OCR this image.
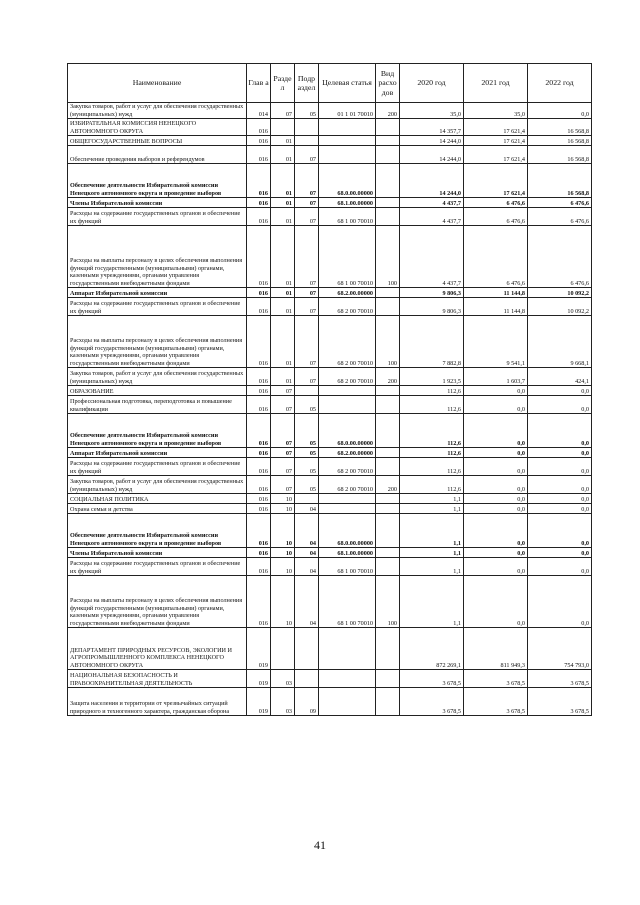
Наименование	Глав а	Разде л	Подр аздел	Целевая статья	Вид расхо дов	2020 год	2021 год	2022 год
Закупка товаров, работ и услуг для обеспечения государственных (муниципальных) нужд	014	07	05	01 1 01 70010	200	35,0	35,0	0,0
ИЗБИРАТЕЛЬНАЯ КОМИССИЯ НЕНЕЦКОГО АВТОНОМНОГО ОКРУГА	016					14 357,7	17 621,4	16 568,8
ОБЩЕГОСУДАРСТВЕННЫЕ ВОПРОСЫ	016	01				14 244,0	17 621,4	16 568,8
Обеспечение проведения выборов и референдумов	016	01	07			14 244,0	17 621,4	16 568,8
Обеспечение деятельности Избирательной комиссии Ненецкого автономного округа и проведение выборов	016	01	07	68.0.00.00000		14 244,0	17 621,4	16 568,8
Члены Избирательной комиссии	016	01	07	68.1.00.00000		4 437,7	6 476,6	6 476,6
Расходы на содержание государственных органов и обеспечение их функций	016	01	07	68 1 00 70010		4 437,7	6 476,6	6 476,6
Расходы на выплаты персоналу в целях обеспечения выполнения функций государственными (муниципальными) органами, казенными учреждениями, органами управления государственными внебюджетными фондами	016	01	07	68 1 00 70010	100	4 437,7	6 476,6	6 476,6
Аппарат Избирательной комиссии	016	01	07	68.2.00.00000		9 806,3	11 144,8	10 092,2
Расходы на содержание государственных органов и обеспечение их функций	016	01	07	68 2 00 70010		9 806,3	11 144,8	10 092,2
Расходы на выплаты персоналу в целях обеспечения выполнения функций государственными (муниципальными) органами, казенными учреждениями, органами управления государственными внебюджетными фондами	016	01	07	68 2 00 70010	100	7 882,8	9 541,1	9 668,1
Закупка товаров, работ и услуг для обеспечения государственных (муниципальных) нужд	016	01	07	68 2 00 70010	200	1 923,5	1 603,7	424,1
ОБРАЗОВАНИЕ	016	07				112,6	0,0	0,0
Профессиональная подготовка, переподготовка и повышение квалификации	016	07	05			112,6	0,0	0,0
Обеспечение деятельности Избирательной комиссии Ненецкого автономного округа и проведение выборов	016	07	05	68.0.00.00000		112,6	0,0	0,0
Аппарат Избирательной комиссии	016	07	05	68.2.00.00000		112,6	0,0	0,0
Расходы на содержание государственных органов и обеспечение их функций	016	07	05	68 2 00 70010		112,6	0,0	0,0
Закупка товаров, работ и услуг для обеспечения государственных (муниципальных) нужд	016	07	05	68 2 00 70010	200	112,6	0,0	0,0
СОЦИАЛЬНАЯ ПОЛИТИКА	016	10				1,1	0,0	0,0
Охрана семьи и детства	016	10	04			1,1	0,0	0,0
Обеспечение деятельности Избирательной комиссии Ненецкого автономного округа и проведение выборов	016	10	04	68.0.00.00000		1,1	0,0	0,0
Члены Избирательной комиссии	016	10	04	68.1.00.00000		1,1	0,0	0,0
Расходы на содержание государственных органов и обеспечение их функций	016	10	04	68 1 00 70010		1,1	0,0	0,0
Расходы на выплаты персоналу в целях обеспечения выполнения функций государственными (муниципальными) органами, казенными учреждениями, органами управления государственными внебюджетными фондами	016	10	04	68 1 00 70010	100	1,1	0,0	0,0
ДЕПАРТАМЕНТ ПРИРОДНЫХ РЕСУРСОВ, ЭКОЛОГИИ И АГРОПРОМЫШЛЕННОГО КОМПЛЕКСА НЕНЕЦКОГО АВТОНОМНОГО ОКРУГА	019					872 269,1	811 949,3	754 793,0
НАЦИОНАЛЬНАЯ БЕЗОПАСНОСТЬ И ПРАВООХРАНИТЕЛЬНАЯ ДЕЯТЕЛЬНОСТЬ	019	03				3 678,5	3 678,5	3 678,5
Защита населения и территории от чрезвычайных ситуаций природного и техногенного характера, гражданская оборона	019	03	09			3 678,5	3 678,5	3 678,5
41
